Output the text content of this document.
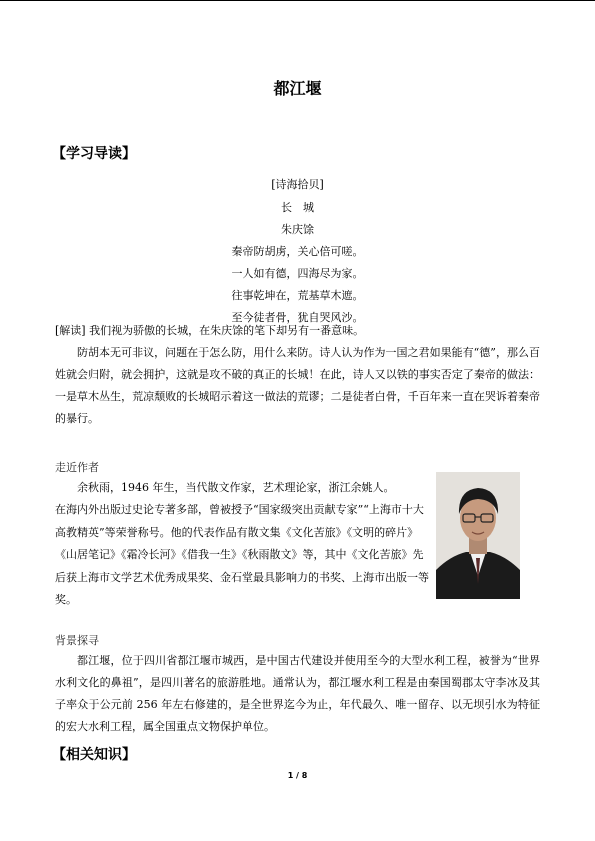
都江堰
【学习导读】
[诗海拾贝]
长　城
朱庆馀
秦帝防胡虏，关心倍可嗟。
一人如有德，四海尽为家。
往事乾坤在，荒基草木遮。
至今徒者骨，犹自哭风沙。
[解读] 我们视为骄傲的长城，在朱庆馀的笔下却另有一番意味。
防胡本无可非议，问题在于怎么防，用什么来防。诗人认为作为一国之君如果能有“德”，那么百姓就会归附，就会拥护，这就是攻不破的真正的长城！在此，诗人又以铁的事实否定了秦帝的做法：一是草木丛生，荒凉颓败的长城昭示着这一做法的荒谬；二是徒者白骨，千百年来一直在哭诉着秦帝的暴行。
走近作者
余秋雨，1946 年生，当代散文作家，艺术理论家，浙江余姚人。
在海内外出版过史论专著多部，曾被授予“国家级突出贡献专家”“上海市十大高教精英”等荣誉称号。他的代表作品有散文集《文化苦旅》《文明的碎片》《山居笔记》《霜冷长河》《借我一生》《秋雨散文》等，其中《文化苦旅》先后获上海市文学艺术优秀成果奖、金石堂最具影响力的书奖、上海市出版一等奖。
背景探寻
都江堰，位于四川省都江堰市城西，是中国古代建设并使用至今的大型水利工程，被誉为“世界水利文化的鼻祖”，是四川著名的旅游胜地。通常认为，都江堰水利工程是由秦国蜀郡太守李冰及其子率众于公元前 256 年左右修建的，是全世界迄今为止，年代最久、唯一留存、以无坝引水为特征的宏大水利工程，属全国重点文物保护单位。
【相关知识】
1 / 8
